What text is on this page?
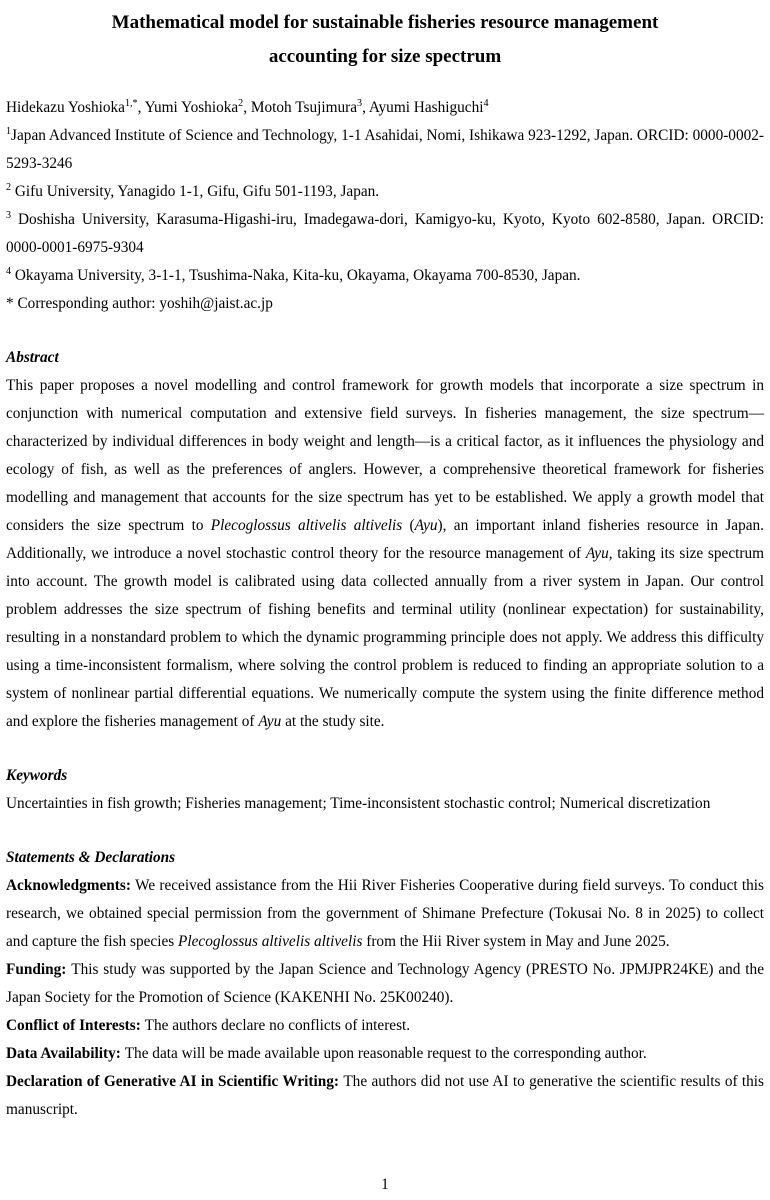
Mathematical model for sustainable fisheries resource management
accounting for size spectrum

Hidekazu Yoshioka$^{1,*}$, Yumi Yoshioka$^2$, Motoh Tsujimura$^3$, Ayumi Hashiguchi$^4$

$^1$Japan Advanced Institute of Science and Technology, 1-1 Asahidai, Nomi, Ishikawa 923-1292, Japan. ORCID: 0000-0002-5293-3246

$^2$ Gifu University, Yanagido 1-1, Gifu, Gifu 501-1193, Japan.

$^3$ Doshisha University, Karasuma-Higashi-iru, Imadegawa-dori, Kamigyo-ku, Kyoto, Kyoto 602-8580, Japan. ORCID: 0000-0001-6975-9304

$^4$ Okayama University, 3-1-1, Tsushima-Naka, Kita-ku, Okayama, Okayama 700-8530, Japan.

* Corresponding author: yoshih@jaist.ac.jp

Abstract

This paper proposes a novel modelling and control framework for growth models that incorporate a size spectrum in conjunction with numerical computation and extensive field surveys. In fisheries management, the size spectrum—characterized by individual differences in body weight and length—is a critical factor, as it influences the physiology and ecology of fish, as well as the preferences of anglers. However, a comprehensive theoretical framework for fisheries modelling and management that accounts for the size spectrum has yet to be established. We apply a growth model that considers the size spectrum to Plecoglossus altivelis altivelis (Ayu), an important inland fisheries resource in Japan. Additionally, we introduce a novel stochastic control theory for the resource management of Ayu, taking its size spectrum into account. The growth model is calibrated using data collected annually from a river system in Japan. Our control problem addresses the size spectrum of fishing benefits and terminal utility (nonlinear expectation) for sustainability, resulting in a nonstandard problem to which the dynamic programming principle does not apply. We address this difficulty using a time-inconsistent formalism, where solving the control problem is reduced to finding an appropriate solution to a system of nonlinear partial differential equations. We numerically compute the system using the finite difference method and explore the fisheries management of Ayu at the study site.

Keywords

Uncertainties in fish growth; Fisheries management; Time-inconsistent stochastic control; Numerical discretization

Statements & Declarations

Acknowledgments: We received assistance from the Hii River Fisheries Cooperative during field surveys. To conduct this research, we obtained special permission from the government of Shimane Prefecture (Tokusai No. 8 in 2025) to collect and capture the fish species Plecoglossus altivelis altivelis from the Hii River system in May and June 2025.

Funding: This study was supported by the Japan Science and Technology Agency (PRESTO No. JPMJPR24KE) and the Japan Society for the Promotion of Science (KAKENHI No. 25K00240).

Conflict of Interests: The authors declare no conflicts of interest.

Data Availability: The data will be made available upon reasonable request to the corresponding author.

Declaration of Generative AI in Scientific Writing: The authors did not use AI to generative the scientific results of this manuscript.

1
